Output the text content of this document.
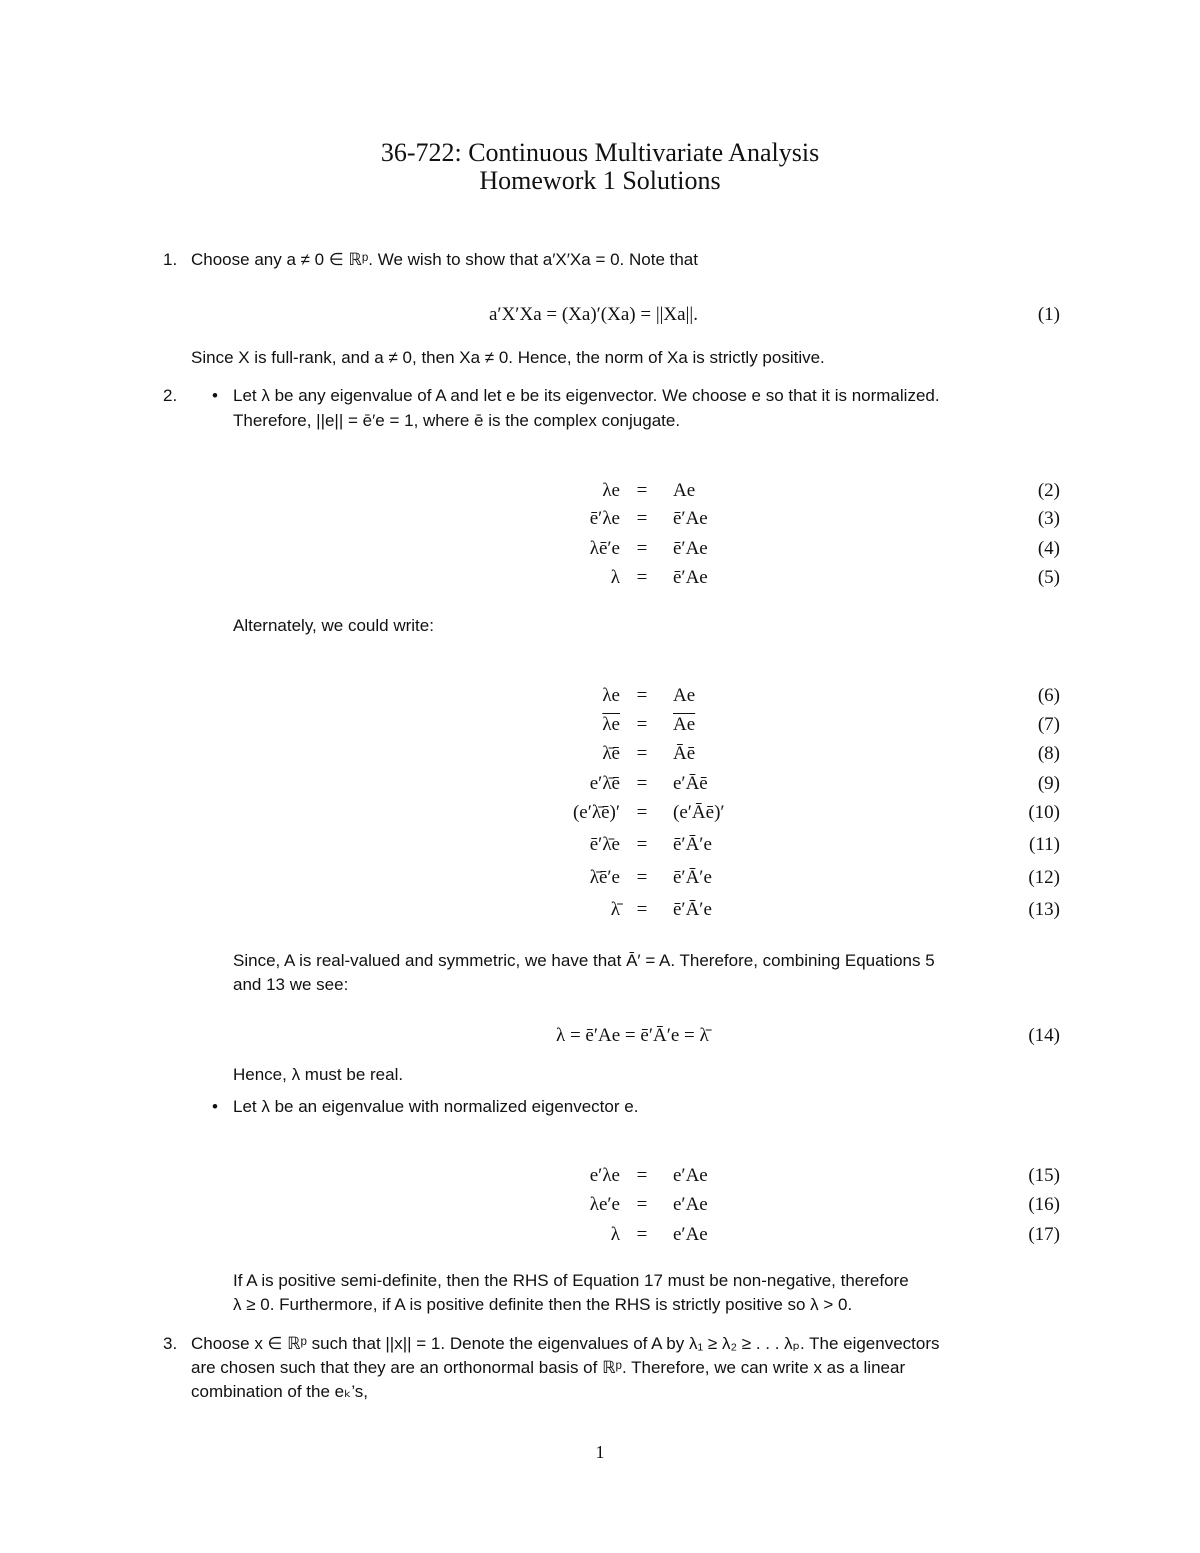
36-722: Continuous Multivariate Analysis
Homework 1 Solutions
1. Choose any a ≠ 0 ∈ ℝᵖ. We wish to show that a′X′Xa = 0. Note that
a′X′Xa = (Xa)′(Xa) = ||Xa||.	(1)
Since X is full-rank, and a ≠ 0, then Xa ≠ 0. Hence, the norm of Xa is strictly positive.
2. • Let λ be any eigenvalue of A and let e be its eigenvector. We choose e so that it is normalized.
Therefore, ||e|| = ē′e = 1, where ē is the complex conjugate.
λe =	Ae	(2)
ē′λe =	ē′Ae	(3)
λē′e =	ē′Ae	(4)
λ =	ē′Ae	(5)
Alternately, we could write:
λe =	Ae	(6)
$\overline{\lambda e}$ =	$\overline{Ae}$	(7)
λ̄ē =	Āē	(8)
e′λ̄ē =	e′Āē	(9)
(e′λ̄ē)′ =	(e′Āē)′	(10)
ē′λ̄e =	ē′Ā′e	(11)
λ̄ē′e =	ē′Ā′e	(12)
λ̄ =	ē′Ā′e	(13)
Since, A is real-valued and symmetric, we have that Ā′ = A. Therefore, combining Equations 5
and 13 we see:
λ = ē′Ae = ē′Ā′e = λ̄	(14)
Hence, λ must be real.
• Let λ be an eigenvalue with normalized eigenvector e.
e′λe =	e′Ae	(15)
λe′e =	e′Ae	(16)
λ =	e′Ae	(17)
If A is positive semi-definite, then the RHS of Equation 17 must be non-negative, therefore
λ ≥ 0. Furthermore, if A is positive definite then the RHS is strictly positive so λ > 0.
3. Choose x ∈ ℝᵖ such that ||x|| = 1. Denote the eigenvalues of A by λ₁ ≥ λ₂ ≥ . . . λₚ. The eigenvectors
are chosen such that they are an orthonormal basis of ℝᵖ. Therefore, we can write x as a linear
combination of the eₖ’s,
1
